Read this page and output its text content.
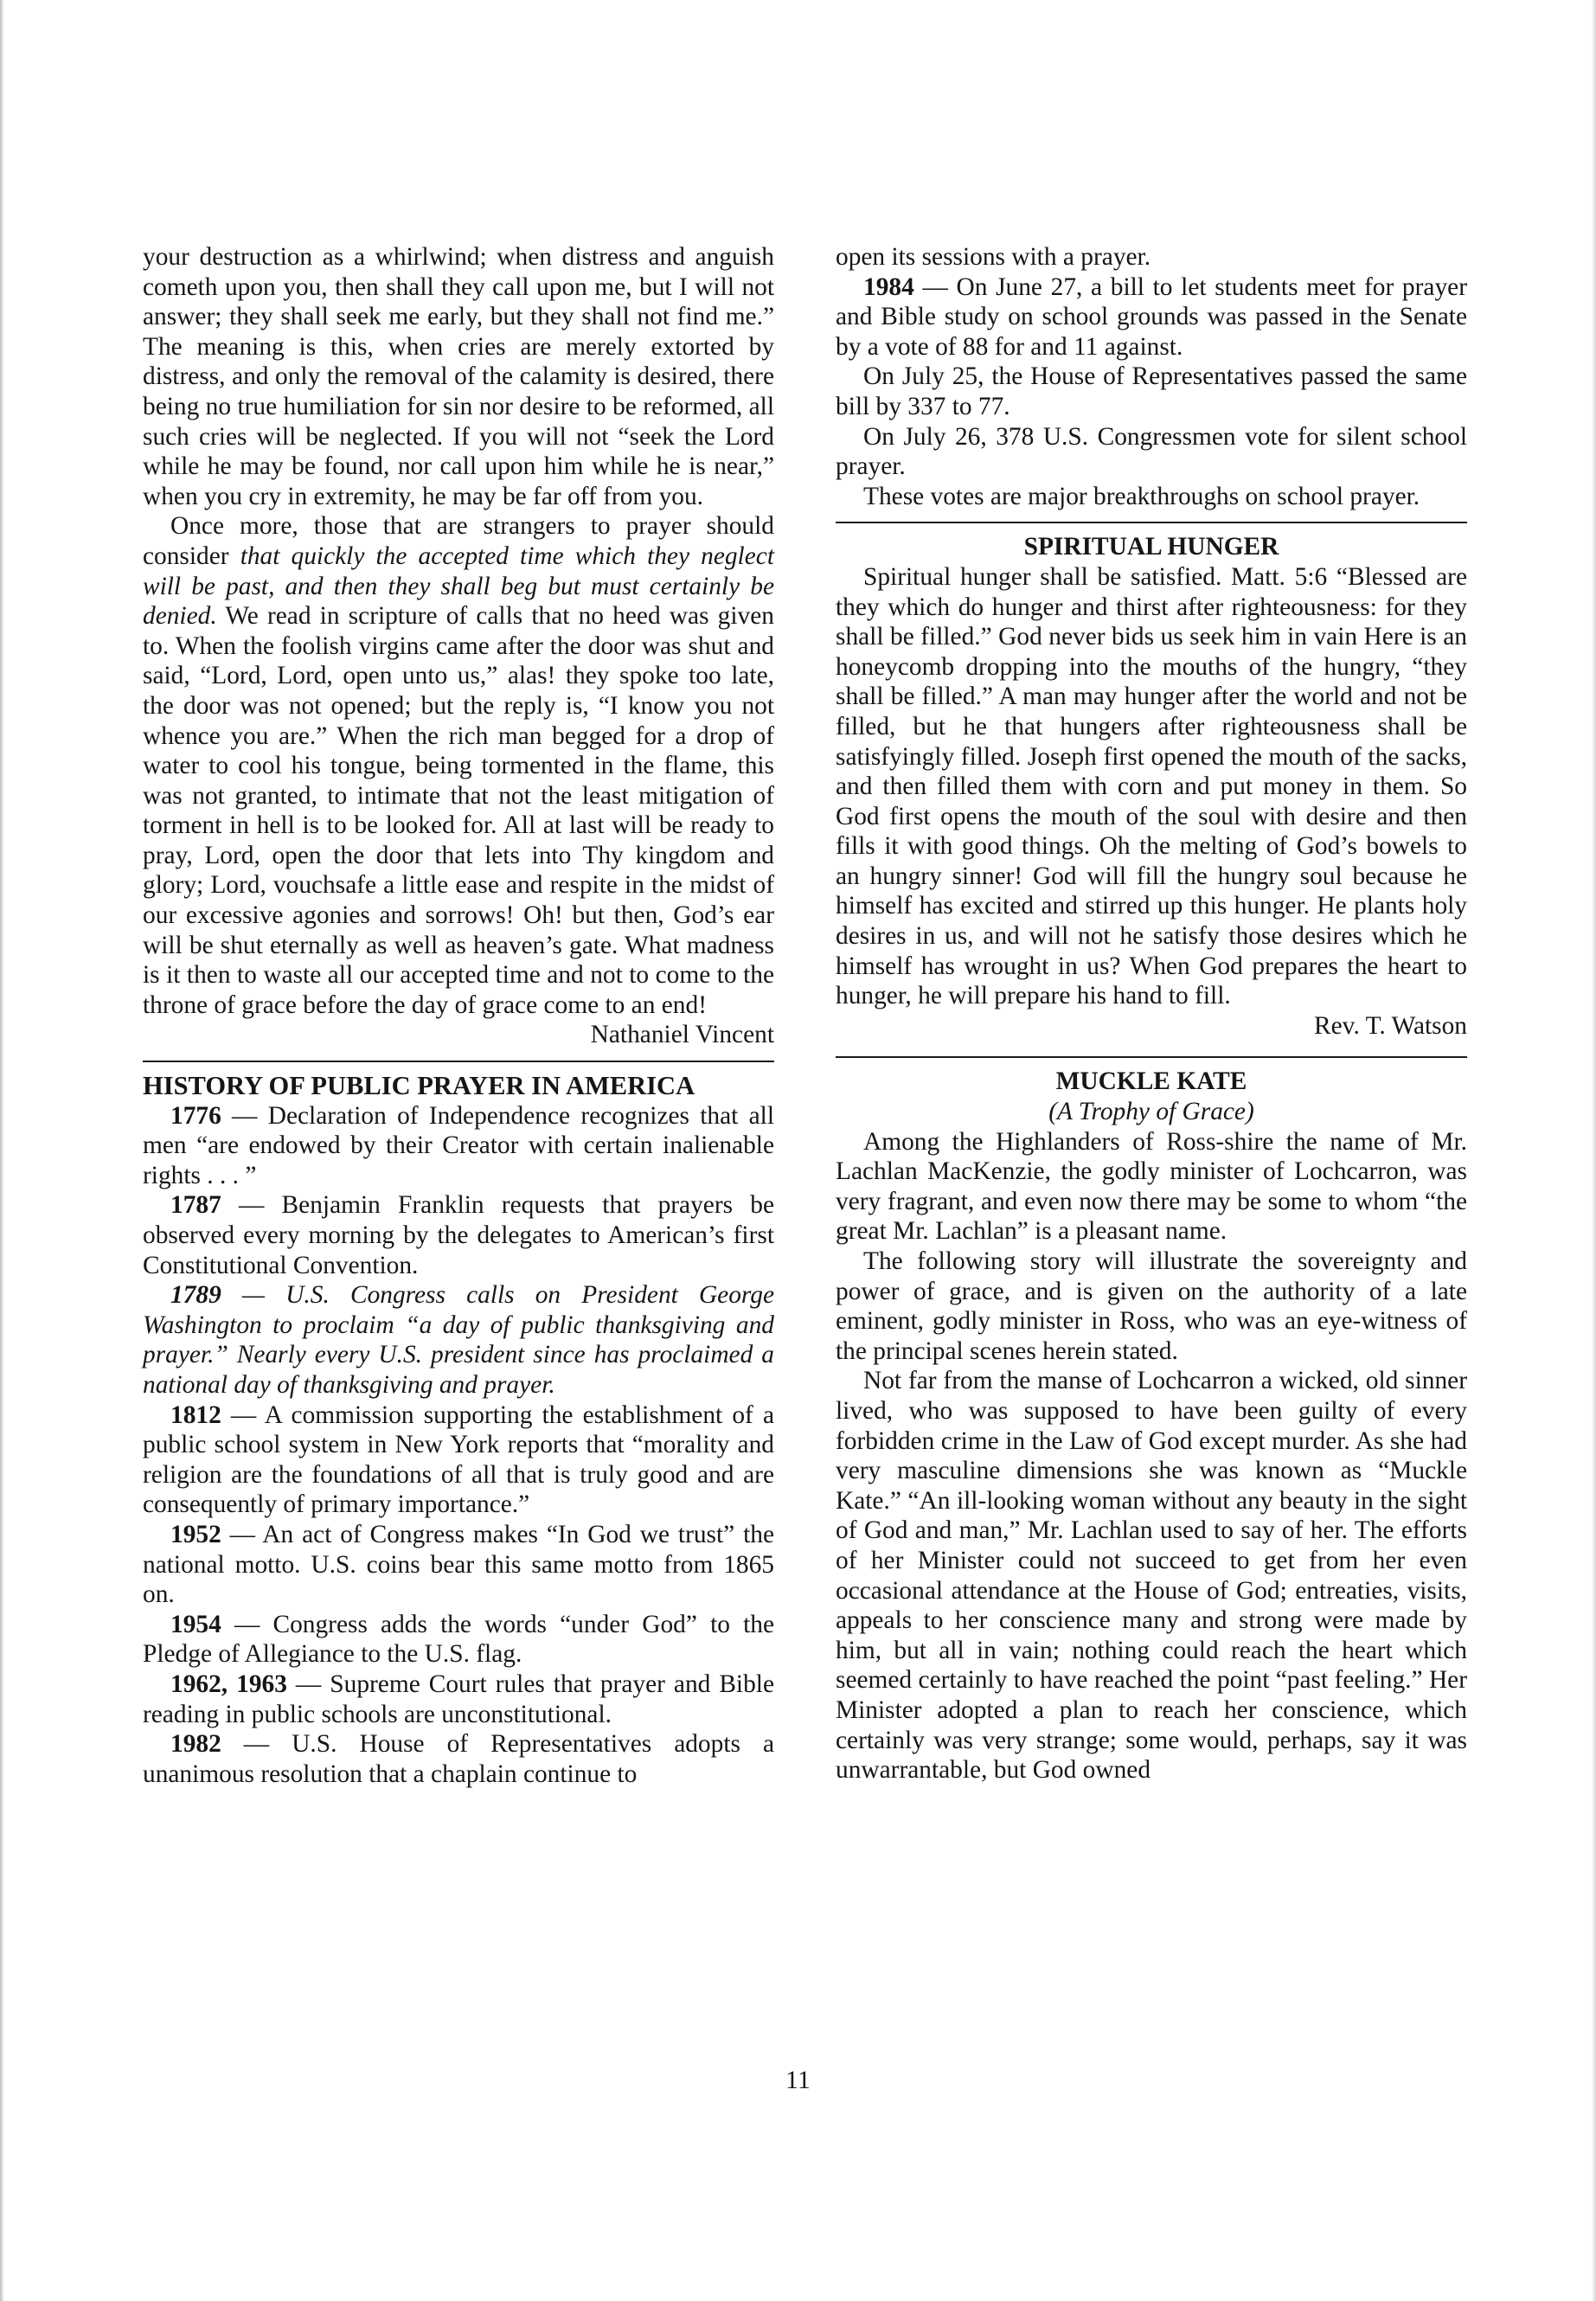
your destruction as a whirlwind; when distress and anguish cometh upon you, then shall they call upon me, but I will not answer; they shall seek me early, but they shall not find me.” The meaning is this, when cries are merely extorted by distress, and only the removal of the calamity is desired, there being no true humiliation for sin nor desire to be reformed, all such cries will be neglected. If you will not “seek the Lord while he may be found, nor call upon him while he is near,” when you cry in extremity, he may be far off from you.

Once more, those that are strangers to prayer should consider that quickly the accepted time which they neglect will be past, and then they shall beg but must certainly be denied. We read in scripture of calls that no heed was given to. When the foolish virgins came after the door was shut and said, “Lord, Lord, open unto us,” alas! they spoke too late, the door was not opened; but the reply is, “I know you not whence you are.” When the rich man begged for a drop of water to cool his tongue, being tormented in the flame, this was not granted, to intimate that not the least mitigation of torment in hell is to be looked for. All at last will be ready to pray, Lord, open the door that lets into Thy kingdom and glory; Lord, vouchsafe a little ease and respite in the midst of our excessive agonies and sorrows! Oh! but then, God’s ear will be shut eternally as well as heaven’s gate. What madness is it then to waste all our accepted time and not to come to the throne of grace before the day of grace come to an end!

Nathaniel Vincent

HISTORY OF PUBLIC PRAYER IN AMERICA

1776 — Declaration of Independence recognizes that all men “are endowed by their Creator with certain inalienable rights . . . ”

1787 — Benjamin Franklin requests that prayers be observed every morning by the delegates to American’s first Constitutional Convention.

1789 — U.S. Congress calls on President George Washington to proclaim “a day of public thanksgiving and prayer.” Nearly every U.S. president since has proclaimed a national day of thanksgiving and prayer.

1812 — A commission supporting the establishment of a public school system in New York reports that “morality and religion are the foundations of all that is truly good and are consequently of primary importance.”

1952 — An act of Congress makes “In God we trust” the national motto. U.S. coins bear this same motto from 1865 on.

1954 — Congress adds the words “under God” to the Pledge of Allegiance to the U.S. flag.

1962, 1963 — Supreme Court rules that prayer and Bible reading in public schools are unconstitutional.

1982 — U.S. House of Representatives adopts a unanimous resolution that a chaplain continue to

open its sessions with a prayer.

1984 — On June 27, a bill to let students meet for prayer and Bible study on school grounds was passed in the Senate by a vote of 88 for and 11 against.

On July 25, the House of Representatives passed the same bill by 337 to 77.

On July 26, 378 U.S. Congressmen vote for silent school prayer.

These votes are major breakthroughs on school prayer.

SPIRITUAL HUNGER

Spiritual hunger shall be satisfied. Matt. 5:6 “Blessed are they which do hunger and thirst after righteousness: for they shall be filled.” God never bids us seek him in vain Here is an honeycomb dropping into the mouths of the hungry, “they shall be filled.” A man may hunger after the world and not be filled, but he that hungers after righteousness shall be satisfyingly filled. Joseph first opened the mouth of the sacks, and then filled them with corn and put money in them. So God first opens the mouth of the soul with desire and then fills it with good things. Oh the melting of God’s bowels to an hungry sinner! God will fill the hungry soul because he himself has excited and stirred up this hunger. He plants holy desires in us, and will not he satisfy those desires which he himself has wrought in us? When God prepares the heart to hunger, he will prepare his hand to fill.

Rev. T. Watson

MUCKLE KATE

(A Trophy of Grace)

Among the Highlanders of Ross-shire the name of Mr. Lachlan MacKenzie, the godly minister of Lochcarron, was very fragrant, and even now there may be some to whom “the great Mr. Lachlan” is a pleasant name.

The following story will illustrate the sovereignty and power of grace, and is given on the authority of a late eminent, godly minister in Ross, who was an eye-witness of the principal scenes herein stated.

Not far from the manse of Lochcarron a wicked, old sinner lived, who was supposed to have been guilty of every forbidden crime in the Law of God except murder. As she had very masculine dimensions she was known as “Muckle Kate.” “An ill-looking woman without any beauty in the sight of God and man,” Mr. Lachlan used to say of her. The efforts of her Minister could not succeed to get from her even occasional attendance at the House of God; entreaties, visits, appeals to her conscience many and strong were made by him, but all in vain; nothing could reach the heart which seemed certainly to have reached the point “past feeling.” Her Minister adopted a plan to reach her conscience, which certainly was very strange; some would, perhaps, say it was unwarrantable, but God owned

11
